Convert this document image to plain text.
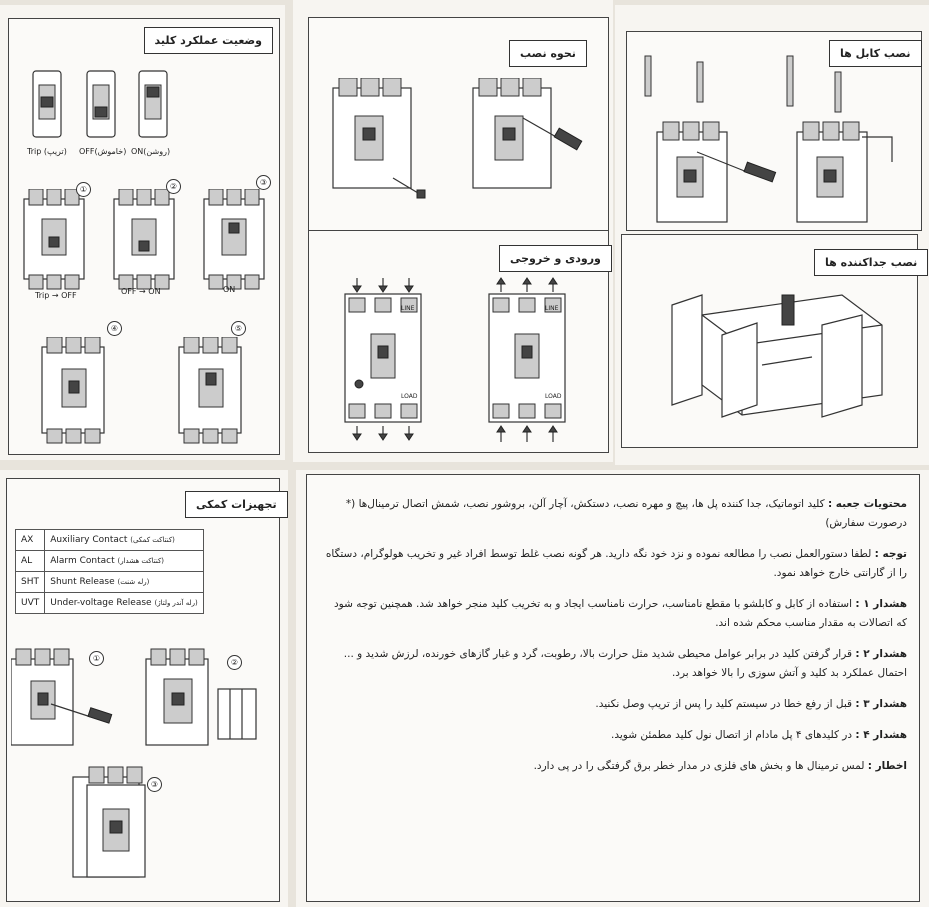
وضعیت عملکرد کلید
Trip (تریپ) OFF(خاموش) ON(روشن)
①	②	③
Trip → OFF	OFF → ON	ON
④	⑤
نحوه نصب	نصب کابل ها
ورودی و خروجی
LINE
LOAD
LINE
LOAD
نصب جداکننده ها
تجهیزات کمکی
AX	Auxiliary Contact (کنتاکت کمکی)
AL	Alarm Contact (کنتاکت هشدار)
SHT	Shunt Release (رله شنت)
UVT	Under-voltage Release (رله آندر ولتاژ)
①	②
③

محتویات جعبه : کلید اتوماتیک، جدا کننده پل ها، پیچ و مهره نصب، دستکش، آچار آلن، بروشور نصب، شمش اتصال ترمینال‌ها (* درصورت سفارش)

توجه : لطفا دستورالعمل نصب را مطالعه نموده و نزد خود نگه دارید. هر گونه نصب غلط توسط افراد غیر و تخریب هولوگرام، دستگاه را از گارانتی خارج خواهد نمود.

هشدار ۱ : استفاده از کابل و کابلشو با مقطع نامناسب، حرارت نامناسب ایجاد و به تخریب کلید منجر خواهد شد. همچنین توجه شود که اتصالات به مقدار مناسب محکم شده اند.

هشدار ۲ : قرار گرفتن کلید در برابر عوامل محیطی شدید مثل حرارت بالا، رطوبت، گرد و غبار گازهای خورنده، لرزش شدید و ... احتمال عملکرد بد کلید و آتش سوزی را بالا خواهد برد.

هشدار ۳ : قبل از رفع خطا در سیستم کلید را پس از تریپ وصل نکنید.

هشدار ۴ : در کلیدهای ۴ پل مادام از اتصال نول کلید مطمئن شوید.

اخطار : لمس ترمینال ها و بخش های فلزی در مدار خطر برق گرفتگی را در پی دارد.
